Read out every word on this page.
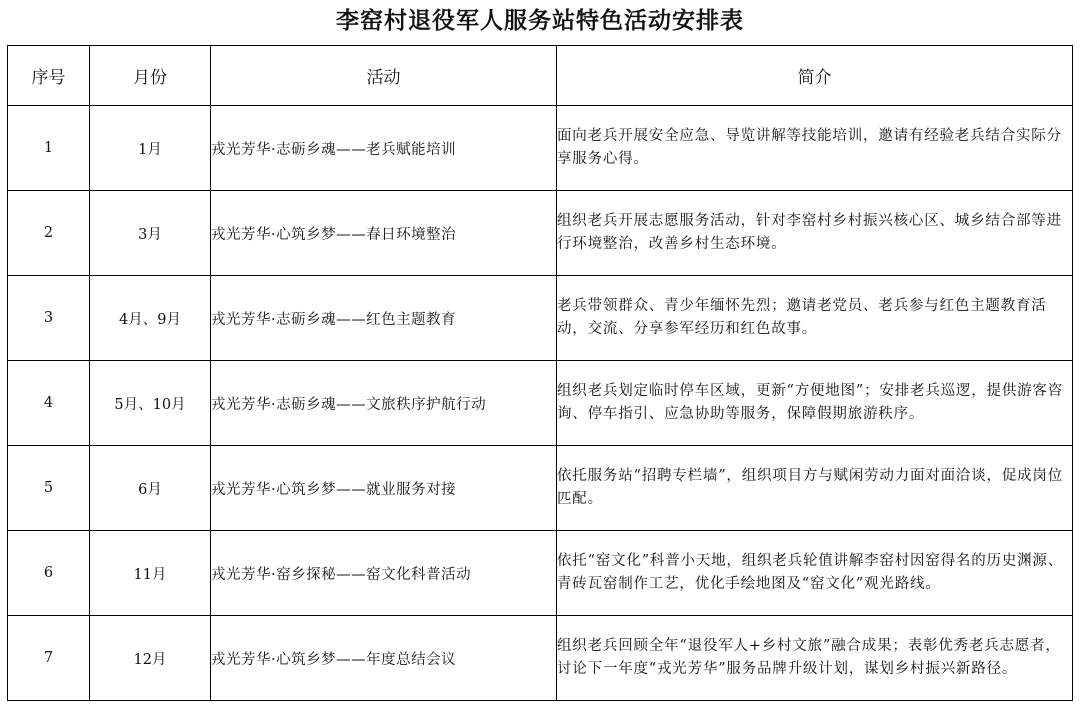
李窑村退役军人服务站特色活动安排表
序号	月份	活动	简介
1	1月	戎光芳华·志砺乡魂——老兵赋能培训	面向老兵开展安全应急、导览讲解等技能培训，邀请有经验老兵结合实际分享服务心得。
2	3月	戎光芳华·心筑乡梦——春日环境整治	组织老兵开展志愿服务活动，针对李窑村乡村振兴核心区、城乡结合部等进行环境整治，改善乡村生态环境。
3	4月、9月	戎光芳华·志砺乡魂——红色主题教育	老兵带领群众、青少年缅怀先烈；邀请老党员、老兵参与红色主题教育活动，交流、分享参军经历和红色故事。
4	5月、10月	戎光芳华·志砺乡魂——文旅秩序护航行动	组织老兵划定临时停车区域，更新“方便地图”；安排老兵巡逻，提供游客咨询、停车指引、应急协助等服务，保障假期旅游秩序。
5	6月	戎光芳华·心筑乡梦——就业服务对接	依托服务站“招聘专栏墙”，组织项目方与赋闲劳动力面对面洽谈，促成岗位匹配。
6	11月	戎光芳华·窑乡探秘——窑文化科普活动	依托“窑文化”科普小天地，组织老兵轮值讲解李窑村因窑得名的历史渊源、青砖瓦窑制作工艺，优化手绘地图及“窑文化”观光路线。
7	12月	戎光芳华·心筑乡梦——年度总结会议	组织老兵回顾全年“退役军人+乡村文旅”融合成果；表彰优秀老兵志愿者，讨论下一年度“戎光芳华”服务品牌升级计划，谋划乡村振兴新路径。
